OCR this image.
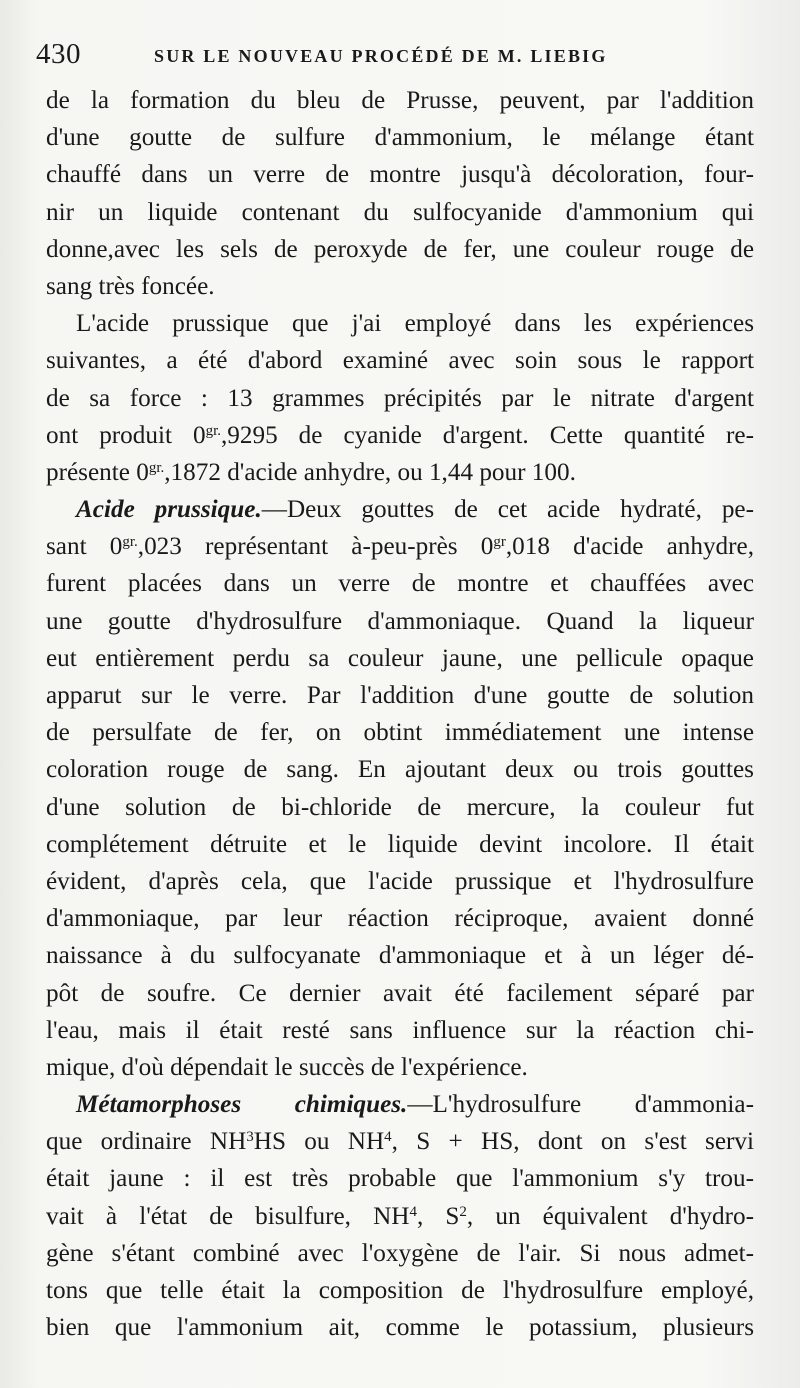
430	SUR LE NOUVEAU PROCÉDÉ DE M. LIEBIG
de la formation du bleu de Prusse, peuvent, par l'addition
d'une goutte de sulfure d'ammonium, le mélange étant
chauffé dans un verre de montre jusqu'à décoloration, four-
nir un liquide contenant du sulfocyanide d'ammonium qui
donne,avec les sels de peroxyde de fer, une couleur rouge de
sang très foncée.
L'acide prussique que j'ai employé dans les expériences
suivantes, a été d'abord examiné avec soin sous le rapport
de sa force : 13 grammes précipités par le nitrate d'argent
ont produit $0^{gr.},9295$ de cyanide d'argent. Cette quantité re-
présente $0^{gr.},1872$ d'acide anhydre, ou 1,44 pour 100.
Acide prussique.—Deux gouttes de cet acide hydraté, pe-
sant $0^{gr.},023$ représentant à-peu-près $0^{gr},018$ d'acide anhydre,
furent placées dans un verre de montre et chauffées avec
une goutte d'hydrosulfure d'ammoniaque. Quand la liqueur
eut entièrement perdu sa couleur jaune, une pellicule opaque
apparut sur le verre. Par l'addition d'une goutte de solution
de persulfate de fer, on obtint immédiatement une intense
coloration rouge de sang. En ajoutant deux ou trois gouttes
d'une solution de bi-chloride de mercure, la couleur fut
complétement détruite et le liquide devint incolore. Il était
évident, d'après cela, que l'acide prussique et l'hydrosulfure
d'ammoniaque, par leur réaction réciproque, avaient donné
naissance à du sulfocyanate d'ammoniaque et à un léger dé-
pôt de soufre. Ce dernier avait été facilement séparé par
l'eau, mais il était resté sans influence sur la réaction chi-
mique, d'où dépendait le succès de l'expérience.
Métamorphoses chimiques.—L'hydrosulfure d'ammonia-
que ordinaire $NH^3HS$ ou $NH^4$, S + HS, dont on s'est servi
était jaune : il est très probable que l'ammonium s'y trou-
vait à l'état de bisulfure, $NH^4$, $S^2$, un équivalent d'hydro-
gène s'étant combiné avec l'oxygène de l'air. Si nous admet-
tons que telle était la composition de l'hydrosulfure employé,
bien que l'ammonium ait, comme le potassium, plusieurs
